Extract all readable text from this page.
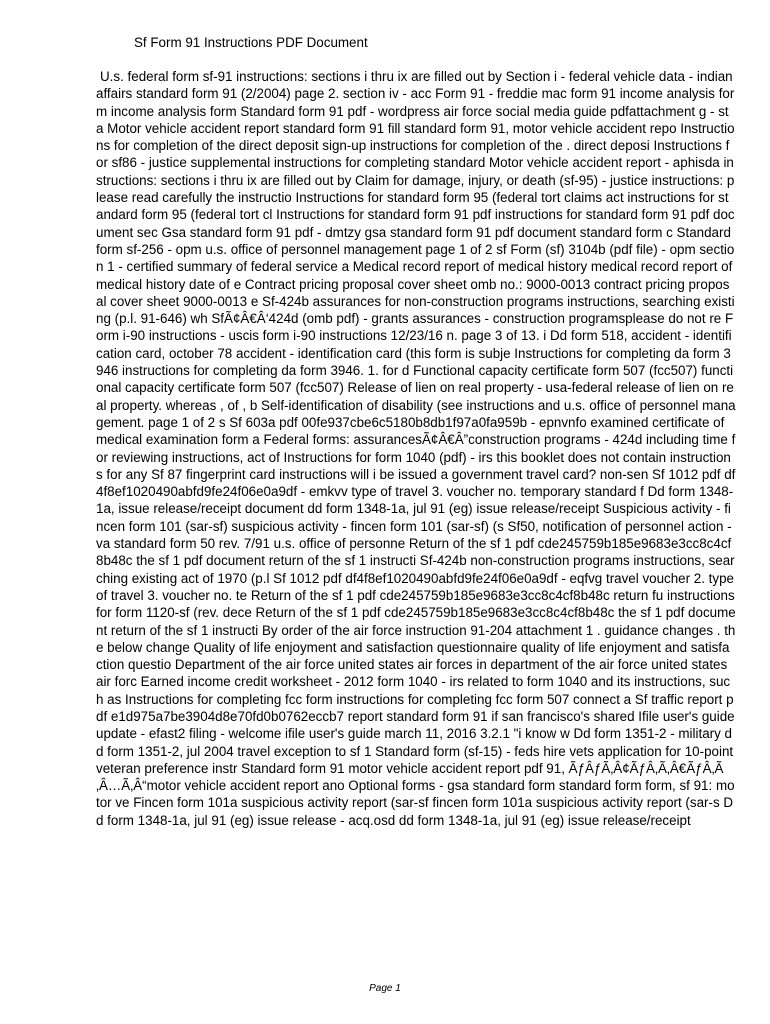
Sf Form 91 Instructions PDF Document
U.s. federal form sf-91 instructions: sections i thru ix are filled out by Section i - federal vehicle data - indian affairs standard form 91 (2/2004) page 2. section iv - acc Form 91 - freddie mac form 91 income analysis form income analysis form Standard form 91 pdf - wordpress air force social media guide pdfattachment g - sta Motor vehicle accident report standard form 91 fill standard form 91, motor vehicle accident repo Instructions for completion of the direct deposit sign-up instructions for completion of the . direct deposi Instructions for sf86 - justice supplemental instructions for completing standard Motor vehicle accident report - aphisda instructions: sections i thru ix are filled out by Claim for damage, injury, or death (sf-95) - justice instructions: please read carefully the instructio Instructions for standard form 95 (federal tort claims act instructions for standard form 95 (federal tort cl Instructions for standard form 91 pdf instructions for standard form 91 pdf document sec Gsa standard form 91 pdf - dmtzy gsa standard form 91 pdf document standard form c Standard form sf-256 - opm u.s. office of personnel management page 1 of 2 sf Form (sf) 3104b (pdf file) - opm section 1 - certified summary of federal service a Medical record report of medical history medical record report of medical history date of e Contract pricing proposal cover sheet omb no.: 9000-0013 contract pricing proposal cover sheet 9000-0013 e Sf-424b assurances for non-construction programs instructions, searching existing (p.l. 91-646) wh SfÃ¢Â€Â‘424d (omb pdf) - grants assurances - construction programsplease do not re Form i-90 instructions - uscis form i-90 instructions 12/23/16 n. page 3 of 13. i Dd form 518, accident - identification card, october 78 accident - identification card (this form is subje Instructions for completing da form 3946 instructions for completing da form 3946. 1. for d Functional capacity certificate form 507 (fcc507) functional capacity certificate form 507 (fcc507) Release of lien on real property - usa-federal release of lien on real property. whereas , of , b Self-identification of disability (see instructions and u.s. office of personnel management. page 1 of 2 s Sf 603a pdf 00fe937cbe6c5180b8db1f97a0fa959b - epnvnfo examined certificate of medical examination form a Federal forms: assurancesÃ¢Â€Â”construction programs - 424d including time for reviewing instructions, act of Instructions for form 1040 (pdf) - irs this booklet does not contain instructions for any Sf 87 fingerprint card instructions will i be issued a government travel card? non-sen Sf 1012 pdf df4f8ef1020490abfd9fe24f06e0a9df - emkvv type of travel 3. voucher no. temporary standard f Dd form 1348-1a, issue release/receipt document dd form 1348-1a, jul 91 (eg) issue release/receipt Suspicious activity - fincen form 101 (sar-sf) suspicious activity - fincen form 101 (sar-sf) (s Sf50, notification of personnel action - va standard form 50 rev. 7/91 u.s. office of personne Return of the sf 1 pdf cde245759b185e9683e3cc8c4cf8b48c the sf 1 pdf document return of the sf 1 instructi Sf-424b non-construction programs instructions, searching existing act of 1970 (p.l Sf 1012 pdf df4f8ef1020490abfd9fe24f06e0a9df - eqfvg travel voucher 2. type of travel 3. voucher no. te Return of the sf 1 pdf cde245759b185e9683e3cc8c4cf8b48c return fu instructions for form 1120-sf (rev. dece Return of the sf 1 pdf cde245759b185e9683e3cc8c4cf8b48c the sf 1 pdf document return of the sf 1 instructi By order of the air force instruction 91-204 attachment 1 . guidance changes . the below change Quality of life enjoyment and satisfaction questionnaire quality of life enjoyment and satisfaction questio Department of the air force united states air forces in department of the air force united states air forc Earned income credit worksheet - 2012 form 1040 - irs related to form 1040 and its instructions, such as Instructions for completing fcc form instructions for completing fcc form 507 connect a Sf traffic report pdf e1d975a7be3904d8e70fd0b0762eccb7 report standard form 91 if san francisco's shared Ifile user's guide update - efast2 filing - welcome ifile user's guide march 11, 2016 3.2.1 "i know w Dd form 1351-2 - military dd form 1351-2, jul 2004 travel exception to sf 1 Standard form (sf-15) - feds hire vets application for 10-point veteran preference instr Standard form 91 motor vehicle accident report pdf 91, ÃƒÂƒÃ‚Â¢ÃƒÂ‚Ã‚Â€ÃƒÂ‚Ã‚Â…Ã‚Â“motor vehicle accident report ano Optional forms - gsa standard form standard form form, sf 91: motor ve Fincen form 101a suspicious activity report (sar-sf fincen form 101a suspicious activity report (sar-s Dd form 1348-1a, jul 91 (eg) issue release - acq.osd dd form 1348-1a, jul 91 (eg) issue release/receipt
Page 1
